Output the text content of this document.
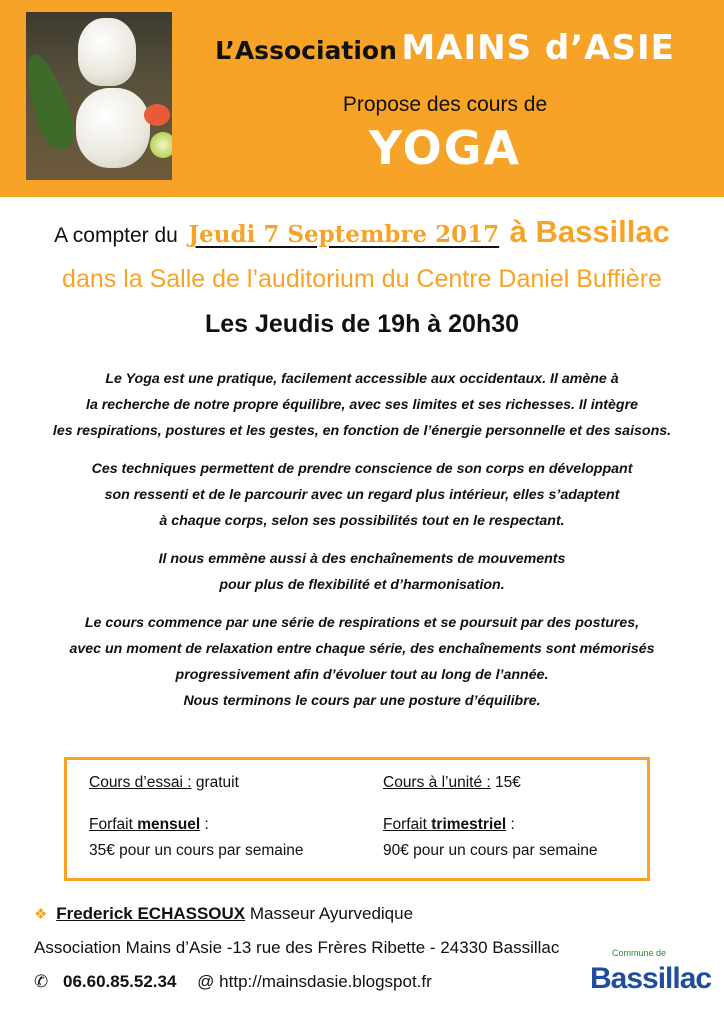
L’Association MAINS d’ASIE
Propose des cours de
YOGA
A compter du Jeudi 7 Septembre 2017 à Bassillac
dans la Salle de l’auditorium du Centre Daniel Buffière
Les Jeudis de 19h à 20h30

Le Yoga est une pratique, facilement accessible aux occidentaux. Il amène à
la recherche de notre propre équilibre, avec ses limites et ses richesses. Il intègre
les respirations, postures et les gestes, en fonction de l’énergie personnelle et des saisons.

Ces techniques permettent de prendre conscience de son corps en développant
son ressenti et de le parcourir avec un regard plus intérieur, elles s’adaptent
à chaque corps, selon ses possibilités tout en le respectant.

Il nous emmène aussi à des enchaînements de mouvements
pour plus de flexibilité et d’harmonisation.

Le cours commence par une série de respirations et se poursuit par des postures,
avec un moment de relaxation entre chaque série, des enchaînements sont mémorisés
progressivement afin d’évoluer tout au long de l’année.
Nous terminons le cours par une posture d’équilibre.

Cours d’essai : gratuit	Cours à l’unité : 15€
Forfait mensuel :
35€ pour un cours par semaine
Forfait trimestriel :
90€ pour un cours par semaine
❖ Frederick ECHASSOUX Masseur Ayurvedique
Association Mains d’Asie -13 rue des Frères Ribette - 24330 Bassillac
✆ 06.60.85.52.34 @ http://mainsdasie.blogspot.fr
Commune de
Bassillac
